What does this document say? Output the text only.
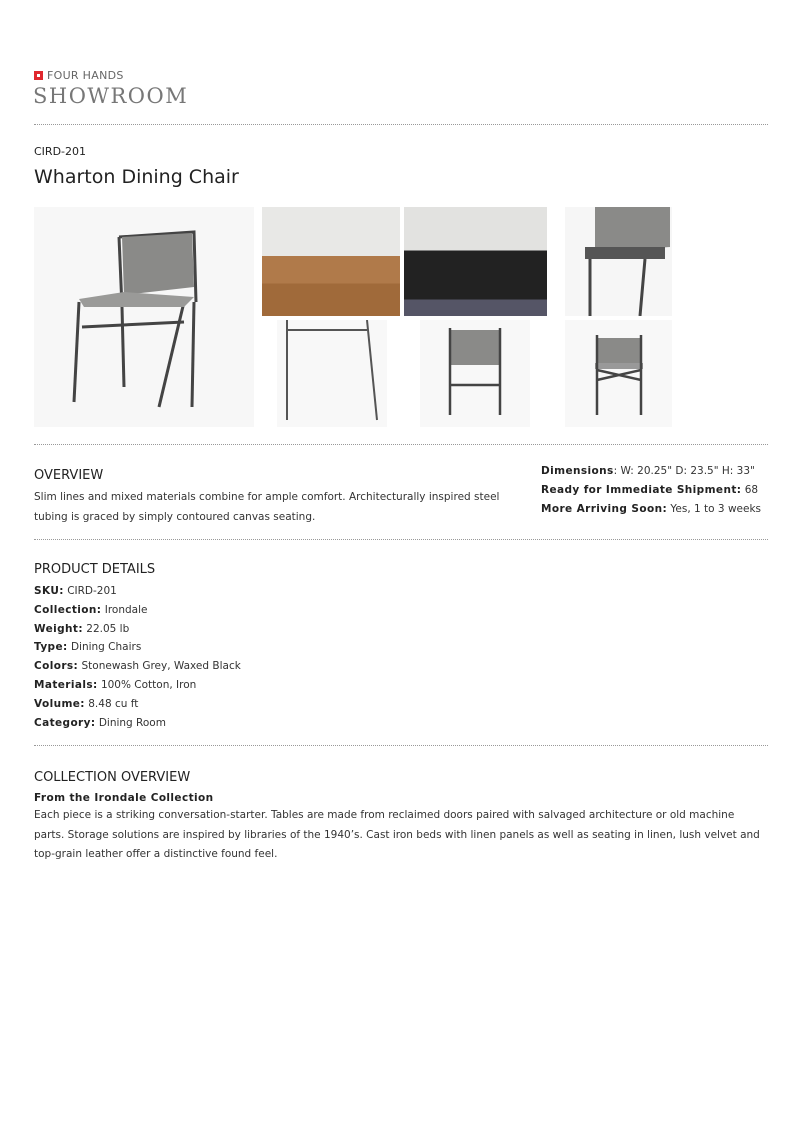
FOUR HANDS
SHOWROOM
CIRD-201
Wharton Dining Chair
OVERVIEW
Slim lines and mixed materials combine for ample comfort. Architecturally inspired steel tubing is graced by simply contoured canvas seating.
Dimensions: W: 20.25" D: 23.5" H: 33"
Ready for Immediate Shipment: 68
More Arriving Soon: Yes, 1 to 3 weeks
PRODUCT DETAILS
SKU: CIRD-201
Collection: Irondale
Weight: 22.05 lb
Type: Dining Chairs
Colors: Stonewash Grey, Waxed Black
Materials: 100% Cotton, Iron
Volume: 8.48 cu ft
Category: Dining Room
COLLECTION OVERVIEW
From the Irondale Collection
Each piece is a striking conversation-starter. Tables are made from reclaimed doors paired with salvaged architecture or old machine parts. Storage solutions are inspired by libraries of the 1940’s. Cast iron beds with linen panels as well as seating in linen, lush velvet and top-grain leather offer a distinctive found feel.
